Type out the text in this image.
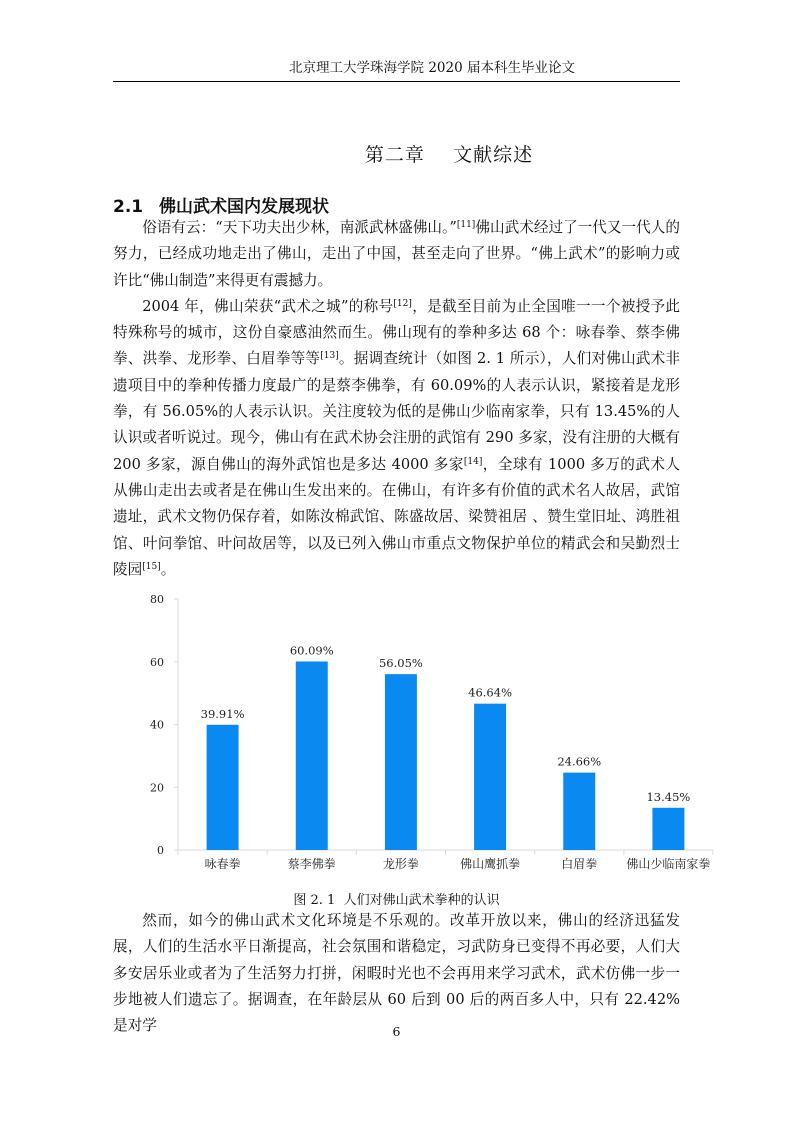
北京理工大学珠海学院 2020 届本科生毕业论文
第二章    文献综述
2.1 佛山武术国内发展现状

俗语有云：“天下功夫出少林，南派武林盛佛山。”[11]佛山武术经过了一代又一代人的努力，已经成功地走出了佛山，走出了中国，甚至走向了世界。“佛上武术”的影响力或许比“佛山制造”来得更有震撼力。

2004 年，佛山荣获“武术之城”的称号[12]，是截至目前为止全国唯一一个被授予此特殊称号的城市，这份自豪感油然而生。佛山现有的拳种多达 68 个：咏春拳、蔡李佛拳、洪拳、龙形拳、白眉拳等等[13]。据调查统计（如图 2. 1 所示），人们对佛山武术非遗项目中的拳种传播力度最广的是蔡李佛拳，有 60.09%的人表示认识，紧接着是龙形拳，有 56.05%的人表示认识。关注度较为低的是佛山少临南家拳，只有 13.45%的人认识或者听说过。现今，佛山有在武术协会注册的武馆有 290 多家，没有注册的大概有 200 多家，源自佛山的海外武馆也是多达 4000 多家[14]，全球有 1000 多万的武术人从佛山走出去或者是在佛山生发出来的。在佛山，有许多有价值的武术名人故居，武馆遗址，武术文物仍保存着，如陈汝棉武馆、陈盛故居、梁赞祖居 、赞生堂旧址、鸿胜祖馆、叶问拳馆、叶问故居等，以及已列入佛山市重点文物保护单位的精武会和吴勤烈士陵园[15]。

0
20
40
60
80
39.91%
咏春拳
60.09%
蔡李佛拳
56.05%
龙形拳
46.64%
佛山鹰抓拳
24.66%
白眉拳
13.45%
佛山少临南家拳
图 2. 1  人们对佛山武术拳种的认识

然而，如今的佛山武术文化环境是不乐观的。改革开放以来，佛山的经济迅猛发展，人们的生活水平日渐提高，社会氛围和谐稳定，习武防身已变得不再必要，人们大多安居乐业或者为了生活努力打拼，闲暇时光也不会再用来学习武术，武术仿佛一步一步地被人们遗忘了。据调查，在年龄层从 60 后到 00 后的两百多人中，只有 22.42%是对学	6
